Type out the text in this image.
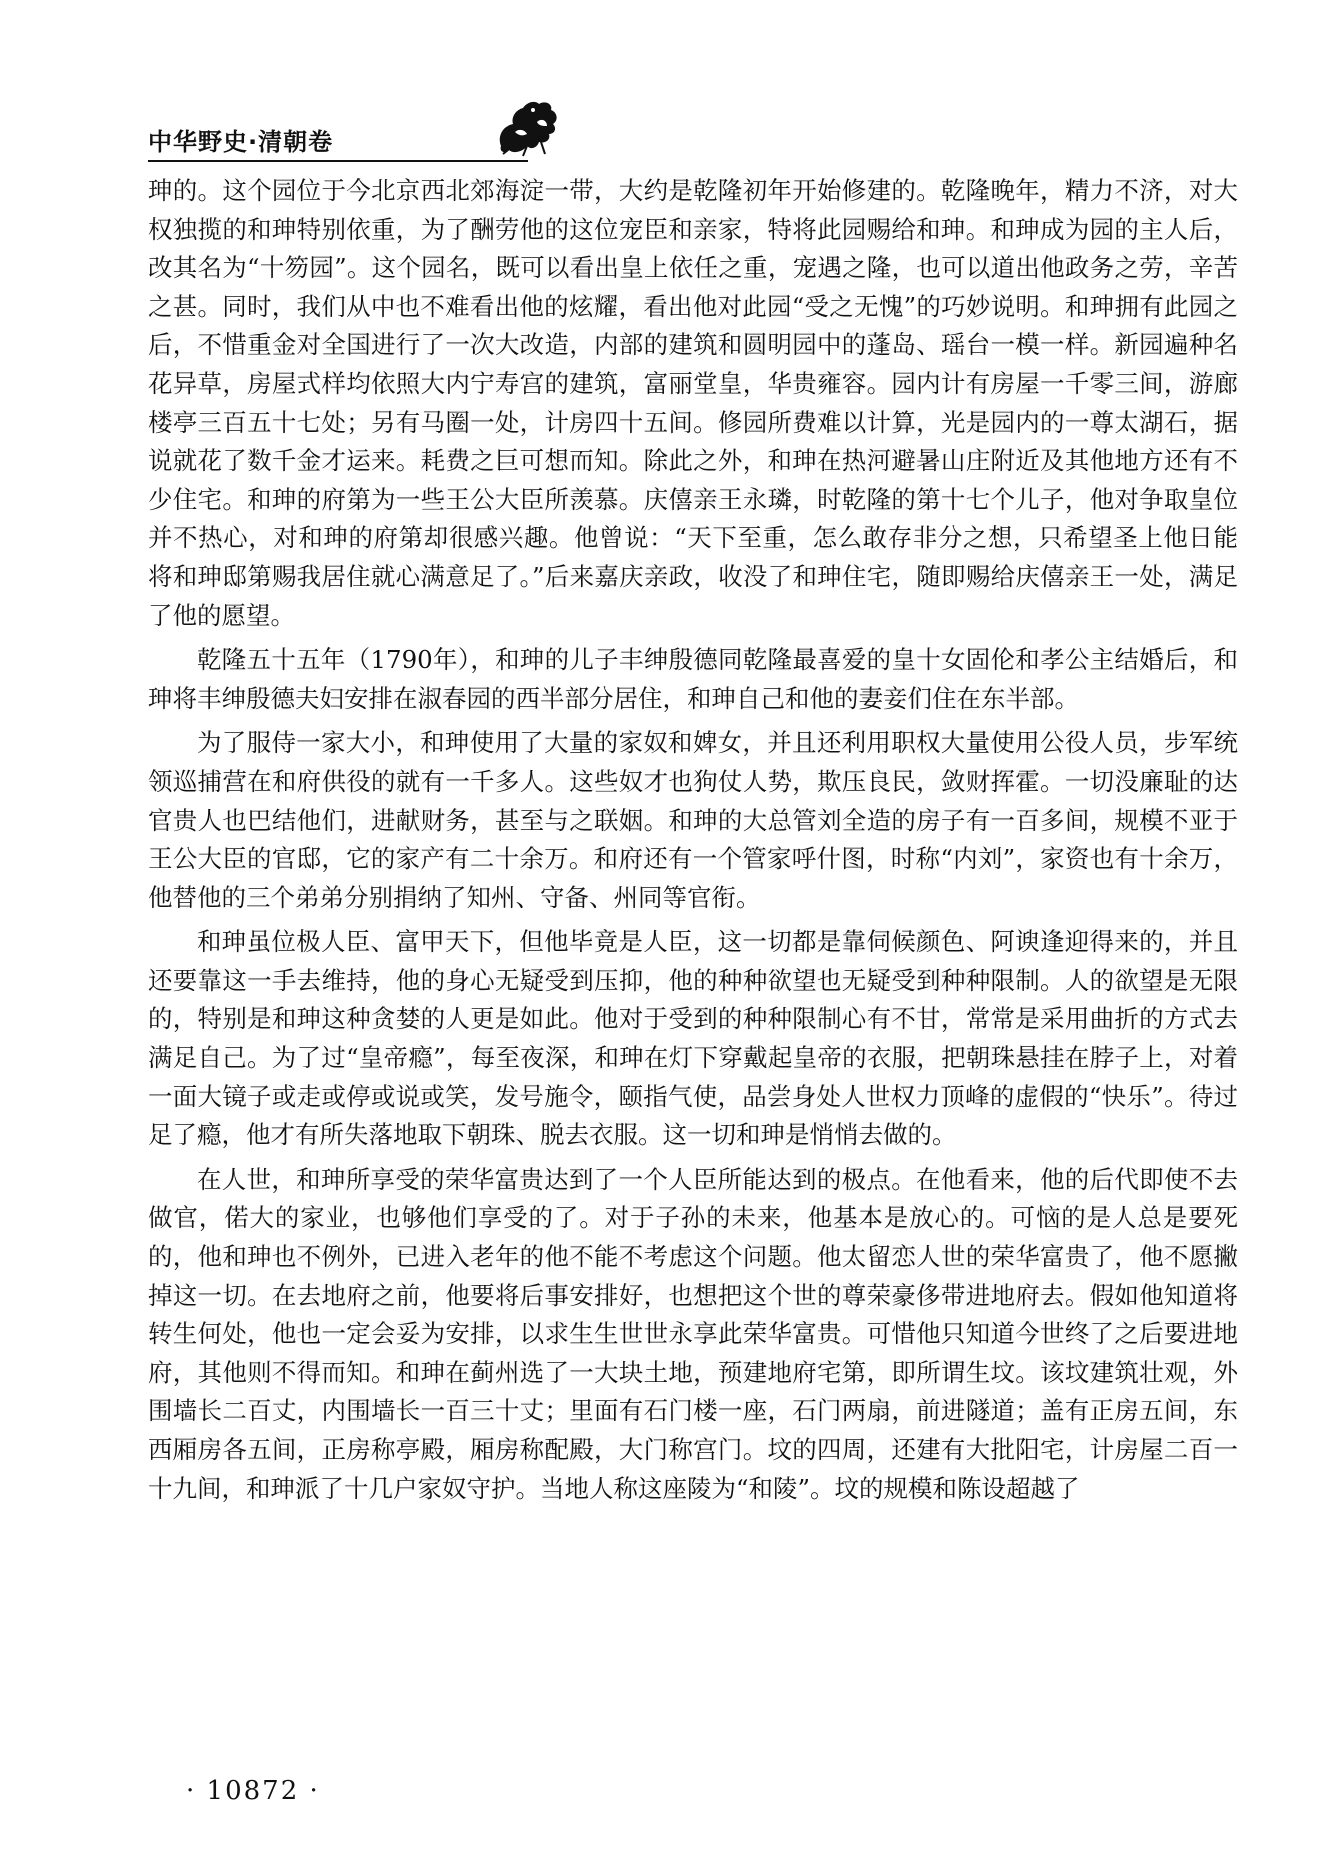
中华野史·清朝卷

珅的。这个园位于今北京西北郊海淀一带，大约是乾隆初年开始修建的。乾隆晚年，精力不济，对大权独揽的和珅特别依重，为了酬劳他的这位宠臣和亲家，特将此园赐给和珅。和珅成为园的主人后，改其名为“十笏园”。这个园名，既可以看出皇上依任之重，宠遇之隆，也可以道出他政务之劳，辛苦之甚。同时，我们从中也不难看出他的炫耀，看出他对此园“受之无愧”的巧妙说明。和珅拥有此园之后，不惜重金对全国进行了一次大改造，内部的建筑和圆明园中的蓬岛、瑶台一模一样。新园遍种名花异草，房屋式样均依照大内宁寿宫的建筑，富丽堂皇，华贵雍容。园内计有房屋一千零三间，游廊楼亭三百五十七处；另有马圈一处，计房四十五间。修园所费难以计算，光是园内的一尊太湖石，据说就花了数千金才运来。耗费之巨可想而知。除此之外，和珅在热河避暑山庄附近及其他地方还有不少住宅。和珅的府第为一些王公大臣所羡慕。庆僖亲王永璘，时乾隆的第十七个儿子，他对争取皇位并不热心，对和珅的府第却很感兴趣。他曾说：“天下至重，怎么敢存非分之想，只希望圣上他日能将和珅邸第赐我居住就心满意足了。”后来嘉庆亲政，收没了和珅住宅，随即赐给庆僖亲王一处，满足了他的愿望。

乾隆五十五年（1790年），和珅的儿子丰绅殷德同乾隆最喜爱的皇十女固伦和孝公主结婚后，和珅将丰绅殷德夫妇安排在淑春园的西半部分居住，和珅自己和他的妻妾们住在东半部。

为了服侍一家大小，和珅使用了大量的家奴和婢女，并且还利用职权大量使用公役人员，步军统领巡捕营在和府供役的就有一千多人。这些奴才也狗仗人势，欺压良民，敛财挥霍。一切没廉耻的达官贵人也巴结他们，进献财务，甚至与之联姻。和珅的大总管刘全造的房子有一百多间，规模不亚于王公大臣的官邸，它的家产有二十余万。和府还有一个管家呼什图，时称“内刘”，家资也有十余万，他替他的三个弟弟分别捐纳了知州、守备、州同等官衔。

和珅虽位极人臣、富甲天下，但他毕竟是人臣，这一切都是靠伺候颜色、阿谀逢迎得来的，并且还要靠这一手去维持，他的身心无疑受到压抑，他的种种欲望也无疑受到种种限制。人的欲望是无限的，特别是和珅这种贪婪的人更是如此。他对于受到的种种限制心有不甘，常常是采用曲折的方式去满足自己。为了过“皇帝瘾”，每至夜深，和珅在灯下穿戴起皇帝的衣服，把朝珠悬挂在脖子上，对着一面大镜子或走或停或说或笑，发号施令，颐指气使，品尝身处人世权力顶峰的虚假的“快乐”。待过足了瘾，他才有所失落地取下朝珠、脱去衣服。这一切和珅是悄悄去做的。

在人世，和珅所享受的荣华富贵达到了一个人臣所能达到的极点。在他看来，他的后代即使不去做官，偌大的家业，也够他们享受的了。对于子孙的未来，他基本是放心的。可恼的是人总是要死的，他和珅也不例外，已进入老年的他不能不考虑这个问题。他太留恋人世的荣华富贵了，他不愿撇掉这一切。在去地府之前，他要将后事安排好，也想把这个世的尊荣豪侈带进地府去。假如他知道将转生何处，他也一定会妥为安排，以求生生世世永享此荣华富贵。可惜他只知道今世终了之后要进地府，其他则不得而知。和珅在蓟州选了一大块土地，预建地府宅第，即所谓生坟。该坟建筑壮观，外围墙长二百丈，内围墙长一百三十丈；里面有石门楼一座，石门两扇，前进隧道；盖有正房五间，东西厢房各五间，正房称亭殿，厢房称配殿，大门称宫门。坟的四周，还建有大批阳宅，计房屋二百一十九间，和珅派了十几户家奴守护。当地人称这座陵为“和陵”。坟的规模和陈设超越了

· 10872 ·
